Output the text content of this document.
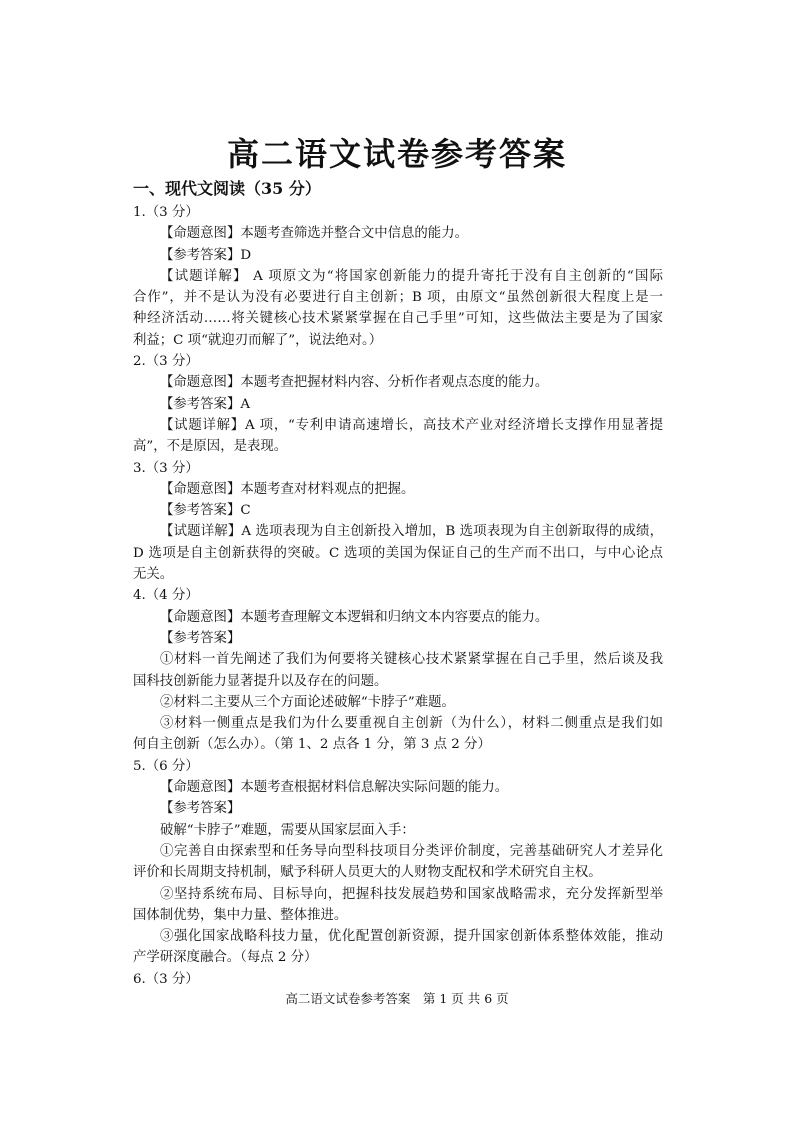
高二语文试卷参考答案
一、现代文阅读（35 分）
1.（3 分）
【命题意图】本题考查筛选并整合文中信息的能力。
【参考答案】D
【试题详解】 A 项原文为“将国家创新能力的提升寄托于没有自主创新的“国际
合作”，并不是认为没有必要进行自主创新；B 项，由原文“虽然创新很大程度上是一
种经济活动……将关键核心技术紧紧掌握在自己手里”可知，这些做法主要是为了国家
利益；C 项“就迎刃而解了”，说法绝对。）
2.（3 分）
【命题意图】本题考查把握材料内容、分析作者观点态度的能力。
【参考答案】A
【试题详解】A 项，“专利申请高速增长，高技术产业对经济增长支撑作用显著提
高”，不是原因，是表现。
3.（3 分）
【命题意图】本题考查对材料观点的把握。
【参考答案】C
【试题详解】A 选项表现为自主创新投入增加，B 选项表现为自主创新取得的成绩，
D 选项是自主创新获得的突破。C 选项的美国为保证自己的生产而不出口，与中心论点
无关。
4.（4 分）
【命题意图】本题考查理解文本逻辑和归纳文本内容要点的能力。
【参考答案】
①材料一首先阐述了我们为何要将关键核心技术紧紧掌握在自己手里，然后谈及我
国科技创新能力显著提升以及存在的问题。
②材料二主要从三个方面论述破解“卡脖子”难题。
③材料一侧重点是我们为什么要重视自主创新（为什么），材料二侧重点是我们如
何自主创新（怎么办）。（第 1、2 点各 1 分，第 3 点 2 分）
5.（6 分）
【命题意图】本题考查根据材料信息解决实际问题的能力。
【参考答案】
破解“卡脖子”难题，需要从国家层面入手：
①完善自由探索型和任务导向型科技项目分类评价制度，完善基础研究人才差异化
评价和长周期支持机制，赋予科研人员更大的人财物支配权和学术研究自主权。
②坚持系统布局、目标导向，把握科技发展趋势和国家战略需求，充分发挥新型举
国体制优势，集中力量、整体推进。
③强化国家战略科技力量，优化配置创新资源，提升国家创新体系整体效能，推动
产学研深度融合。（每点 2 分）
6.（3 分）
高二语文试卷参考答案　第 1 页 共 6 页
